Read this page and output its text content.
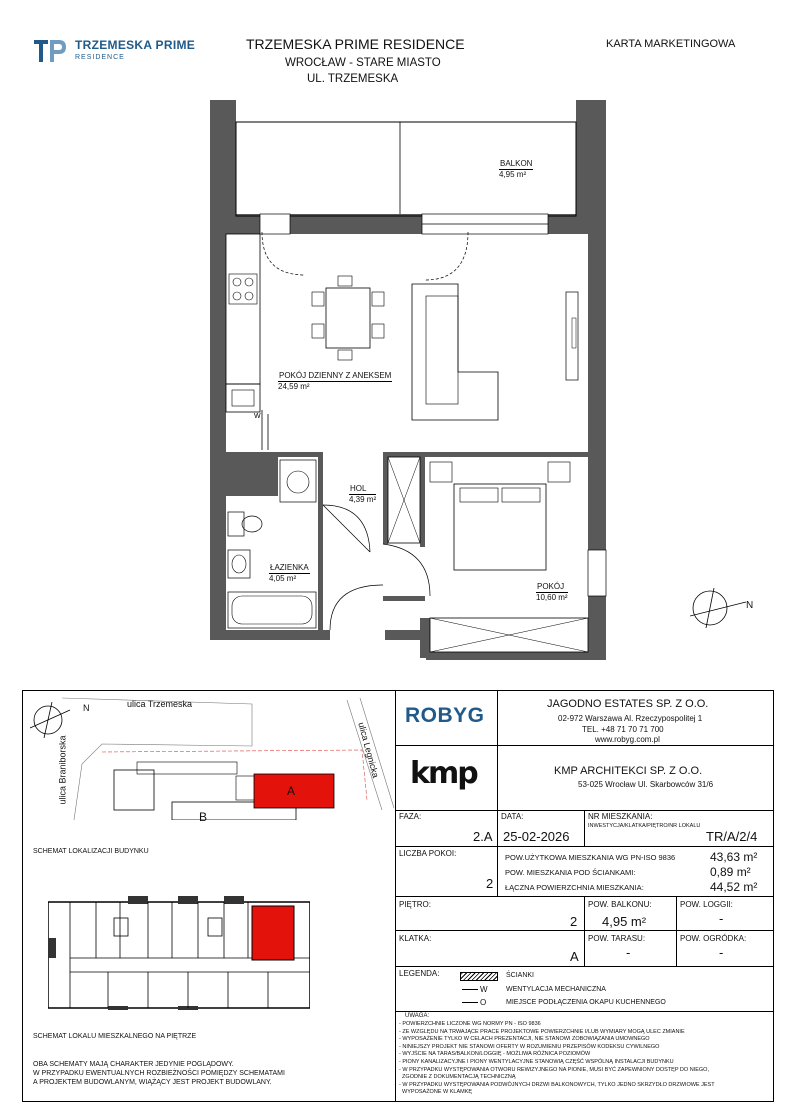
TRZEMESKA PRIME
RESIDENCE
TRZEMESKA PRIME RESIDENCE
WROCŁAW - STARE MIASTO
UL. TRZEMESKA
KARTA MARKETINGOWA
W
BALKON
4,95 m²
POKÓJ DZIENNY Z ANEKSEM
24,59 m²
HOL
4,39 m²
ŁAZIENKA
4,05 m²
POKÓJ
10,60 m²
N
N	ulica Trzemeska
ulica Braniborska	ulica Legnicka
A
B
SCHEMAT LOKALIZACJI BUDYNKU
SCHEMAT LOKALU MIESZKALNEGO NA PIĘTRZE
OBA SCHEMATY MAJĄ CHARAKTER JEDYNIE POGLĄDOWY.
W PRZYPADKU EWENTUALNYCH ROZBIEŻNOŚCI POMIĘDZY SCHEMATAMI
A PROJEKTEM BUDOWLANYM, WIĄŻĄCY JEST PROJEKT BUDOWLANY.
ROBYG	JAGODNO ESTATES SP. Z O.O.
02-972 Warszawa Al. Rzeczypospolitej 1
TEL. +48 71 70 71 700
www.robyg.com.pl
kmp	KMP ARCHITEKCI SP. Z O.O.
53-025 Wrocław Ul. Skarbowców 31/6
FAZA:
2.A
DATA:
25-02-2026
NR MIESZKANIA:
INWESTYCJA/KLATKA/PIĘTRO/NR LOKALU
TR/A/2/4
LICZBA POKOI:
2
POW.UŻYTKOWA MIESZKANIA WG PN-ISO 9836	43,63 m²
POW. MIESZKANIA POD ŚCIANKAMI:	0,89 m²
ŁĄCZNA POWIERZCHNIA MIESZKANIA:	44,52 m²
PIĘTRO:
2
POW. BALKONU:
4,95 m²
POW. LOGGII:
-
KLATKA:
A
POW. TARASU:
-
POW. OGRÓDKA:
-
LEGENDA:	ŚCIANKI
W	WENTYLACJA MECHANICZNA
O	MIEJSCE PODŁĄCZENIA OKAPU KUCHENNEGO
UWAGA:
- POWIERZCHNIE LICZONE WG NORMY PN - ISO 9836
- ZE WZGLĘDU NA TRWAJĄCE PRACE PROJEKTOWE POWIERZCHNIE I/LUB WYMIARY MOGĄ ULEC ZMIANIE
- WYPOSAŻENIE TYLKO W CELACH PREZENTACJI, NIE STANOWI ZOBOWIĄZANIA UMOWNEGO
- NINIEJSZY PROJEKT NIE STANOWI OFERTY W ROZUMIENIU PRZEPISÓW KODEKSU CYWILNEGO
- WYJŚCIE NA TARAS/BALKON/LOGGIĘ - MOŻLIWA RÓŻNICA POZIOMÓW
- PIONY KANALIZACYJNE I PIONY WENTYLACYJNE STANOWIĄ CZĘŚĆ WSPÓLNĄ INSTALACJI BUDYNKU
- W PRZYPADKU WYSTĘPOWANIA OTWORU REWIZYJNEGO NA PIONIE, MUSI BYĆ ZAPEWNIONY DOSTĘP DO NIEGO,
ZGODNIE Z DOKUMENTACJĄ TECHNICZNĄ
- W PRZYPADKU WYSTĘPOWANIA PODWÓJNYCH DRZWI BALKONOWYCH, TYLKO JEDNO SKRZYDŁO DRZWIOWE JEST
WYPOSAŻONE W KLAMKĘ
